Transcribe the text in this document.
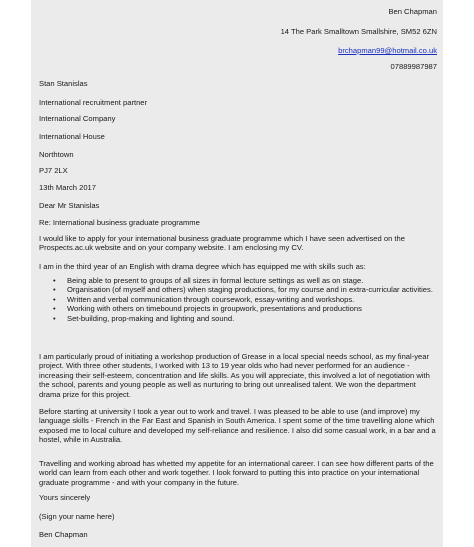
Ben Chapman
14 The Park Smalltown Smallshire, SM52 6ZN
brchapman99@hotmail.co.uk
07889987987
Stan Stanislas
International recruitment partner
International Company
International House
Northtown
PJ7 2LX
13th March 2017
Dear Mr Stanislas
Re: International business graduate programme
I would like to apply for your international business graduate programme which I have seen advertised on the Prospects.ac.uk website and on your company website. I am enclosing my CV.
I am in the third year of an English with drama degree which has equipped me with skills such as:
• Being able to present to groups of all sizes in formal lecture settings as well as on stage.
• Organisation (of myself and others) when staging productions, for my course and in extra-curricular activities.
• Written and verbal communication through coursework, essay-writing and workshops.
• Working with others on timebound projects in groupwork, presentations and productions
• Set-building, prop-making and lighting and sound.
I am particularly proud of initiating a workshop production of Grease in a local special needs school, as my final-year project. With three other students, I worked with 13 to 19 year olds who had never performed for an audience - increasing their self-esteem, concentration and life skills. As you will appreciate, this involved a lot of negotiation with the school, parents and young people as well as nurturing to bring out unrealised talent. We won the department drama prize for this project.
Before starting at university I took a year out to work and travel. I was pleased to be able to use (and improve) my language skills - French in the Far East and Spanish in South America. I spent some of the time travelling alone which exposed me to local culture and developed my self-reliance and resilience. I also did some casual work, in a bar and a hostel, while in Australia.
Travelling and working abroad has whetted my appetite for an international career. I can see how different parts of the world can learn from each other and work together. I look forward to putting this into practice on your international graduate programme - and with your company in the future.
Yours sincerely
(Sign your name here)
Ben Chapman
